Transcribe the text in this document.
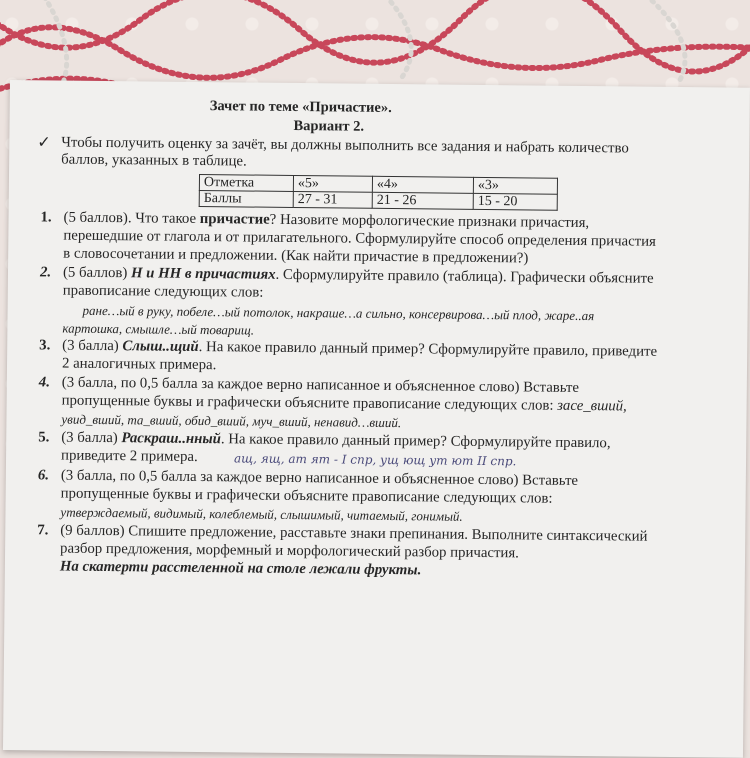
Зачет по теме «Причастие».
Вариант 2.
✓ Чтобы получить оценку за зачёт, вы должны выполнить все задания и набрать количество
баллов, указанных в таблице.
Отметка	«5»	«4»	«3»
Баллы	27 - 31	21 - 26	15 - 20
1. (5 баллов). Что такое причастие? Назовите морфологические признаки причастия,
перешедшие от глагола и от прилагательного. Сформулируйте способ определения причастия
в словосочетании и предложении. (Как найти причастие в предложении?)
2. (5 баллов) Н и НН в причастиях. Сформулируйте правило (таблица). Графически объясните
правописание следующих слов:
ране…ый в руку, побеле…ый потолок, накраше…а сильно, консервирова…ый плод, жаре..ая
картошка, смышле…ый товарищ.
3. (3 балла) Слыш..щий. На какое правило данный пример? Сформулируйте правило, приведите
2 аналогичных примера.
4. (3 балла, по 0,5 балла за каждое верно написанное и объясненное слово) Вставьте
пропущенные буквы и графически объясните правописание следующих слов: засе_вший,
увид_вший, та_вший, обид_вший, муч_вший, ненавид…вший.
5. (3 балла) Раскраш..нный. На какое правило данный пример? Сформулируйте правило,
приведите 2 примера.	ащ, ящ, ат ят - I спр, ущ ющ ут ют II спр.
6. (3 балла, по 0,5 балла за каждое верно написанное и объясненное слово) Вставьте
пропущенные буквы и графически объясните правописание следующих слов:
утверждаемый, видимый, колеблемый, слышимый, читаемый, гонимый.
7. (9 баллов) Спишите предложение, расставьте знаки препинания. Выполните синтаксический
разбор предложения, морфемный и морфологический разбор причастия.
На скатерти расстеленной на столе лежали фрукты.
